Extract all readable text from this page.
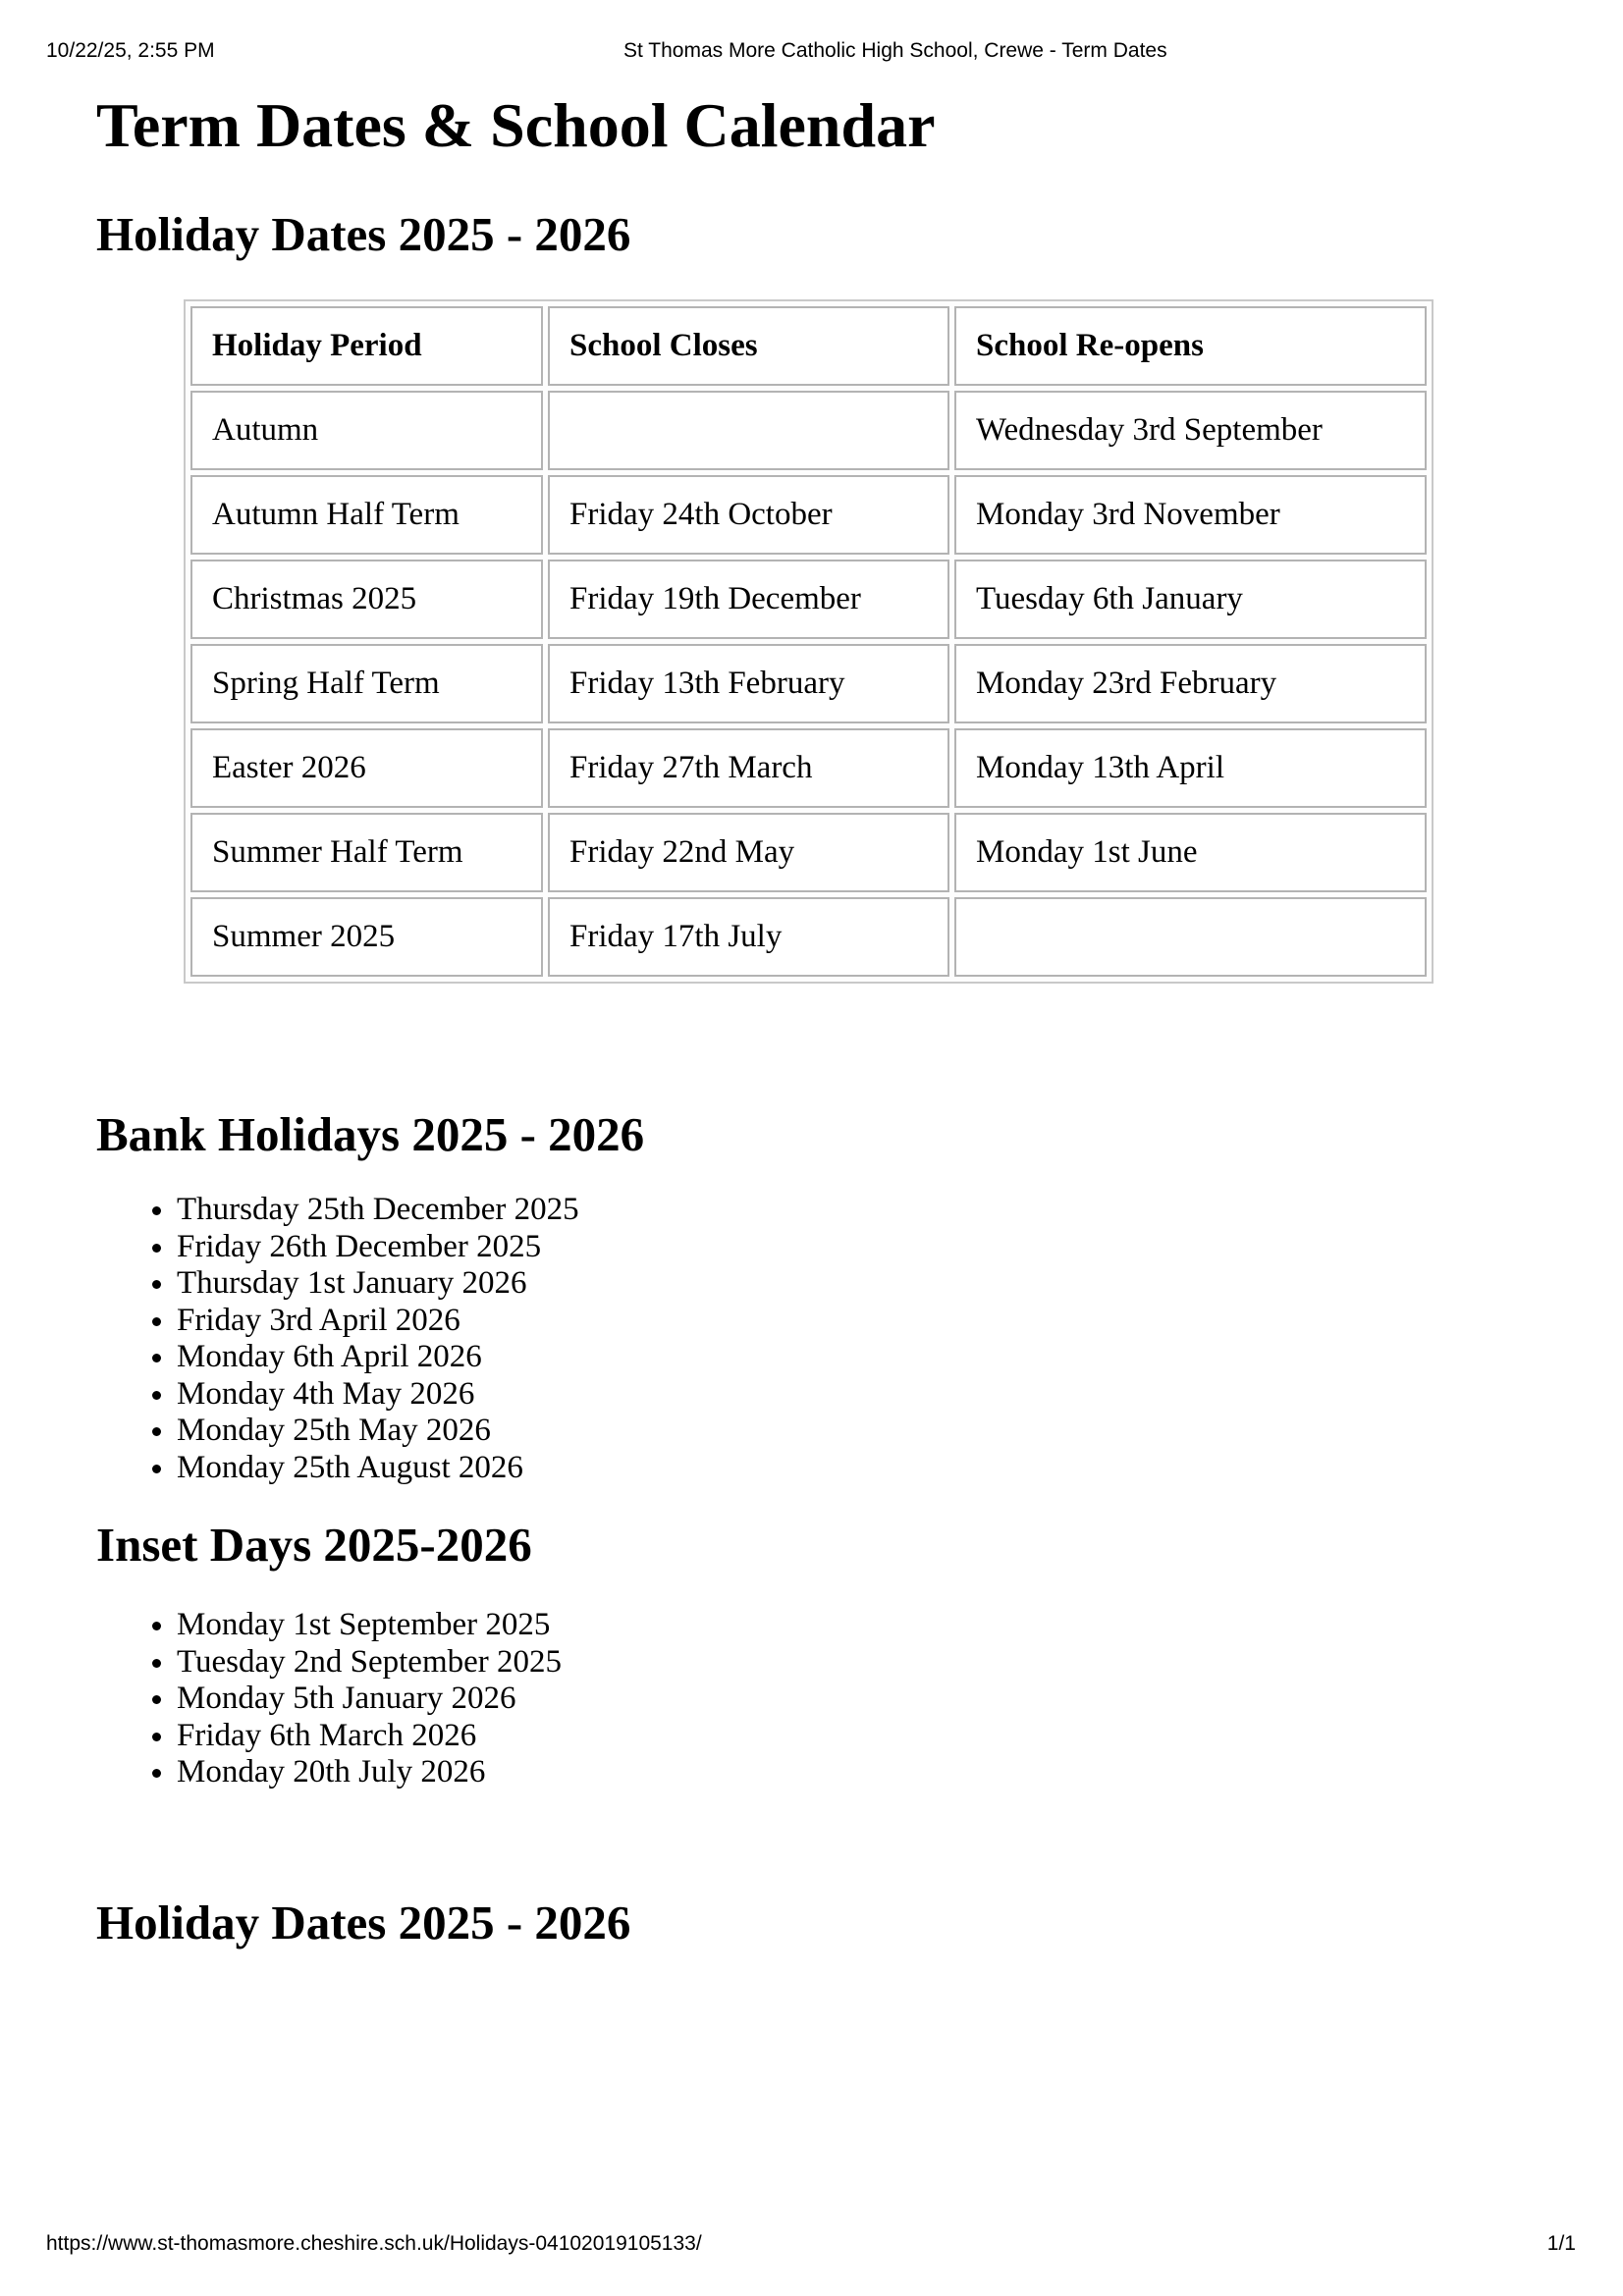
10/22/25, 2:55 PM	St Thomas More Catholic High School, Crewe - Term Dates
Term Dates & School Calendar
Holiday Dates 2025 - 2026
Holiday Period	School Closes	School Re-opens
Autumn		Wednesday 3rd September
Autumn Half Term	Friday 24th October	Monday 3rd November
Christmas 2025	Friday 19th December	Tuesday 6th January
Spring Half Term	Friday 13th February	Monday 23rd February
Easter 2026	Friday 27th March	Monday 13th April
Summer Half Term	Friday 22nd May	Monday 1st June
Summer 2025	Friday 17th July	
Bank Holidays 2025 - 2026
• Thursday 25th December 2025
• Friday 26th December 2025
• Thursday 1st January 2026
• Friday 3rd April 2026
• Monday 6th April 2026
• Monday 4th May 2026
• Monday 25th May 2026
• Monday 25th August 2026
Inset Days 2025-2026
• Monday 1st September 2025
• Tuesday 2nd September 2025
• Monday 5th January 2026
• Friday 6th March 2026
• Monday 20th July 2026
Holiday Dates 2025 - 2026
https://www.st-thomasmore.cheshire.sch.uk/Holidays-04102019105133/	1/1
